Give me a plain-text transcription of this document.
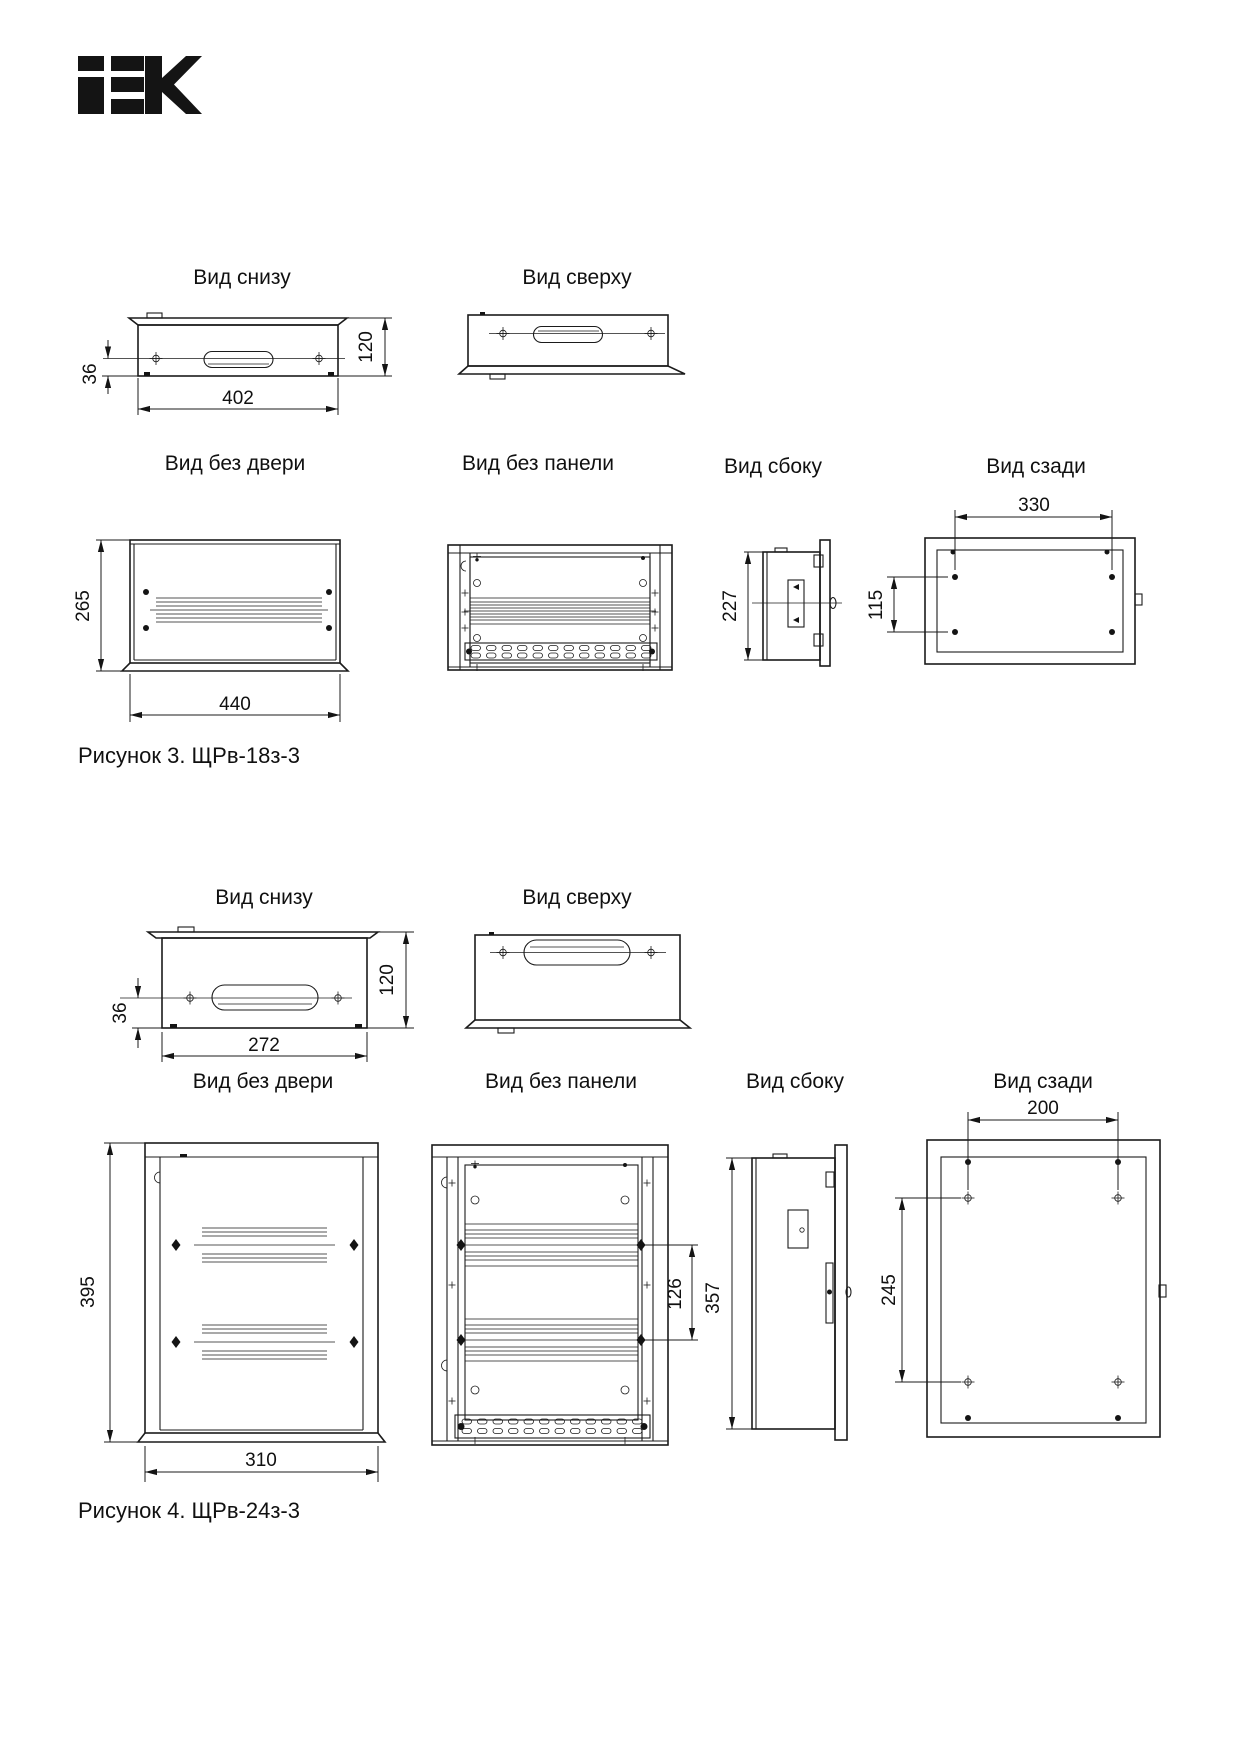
Вид снизу	Вид сверху
36
402
120
Вид без двери	Вид без панели	Вид сбоку	Вид сзади
265
440
227
330
115
Рисунок 3. ЩРв-18з-3
Вид снизу	Вид сверху
36
272
120
Вид без двери	Вид без панели	Вид сбоку	Вид сзади
395
310
126 357
200
245
Рисунок 4. ЩРв-24з-3
